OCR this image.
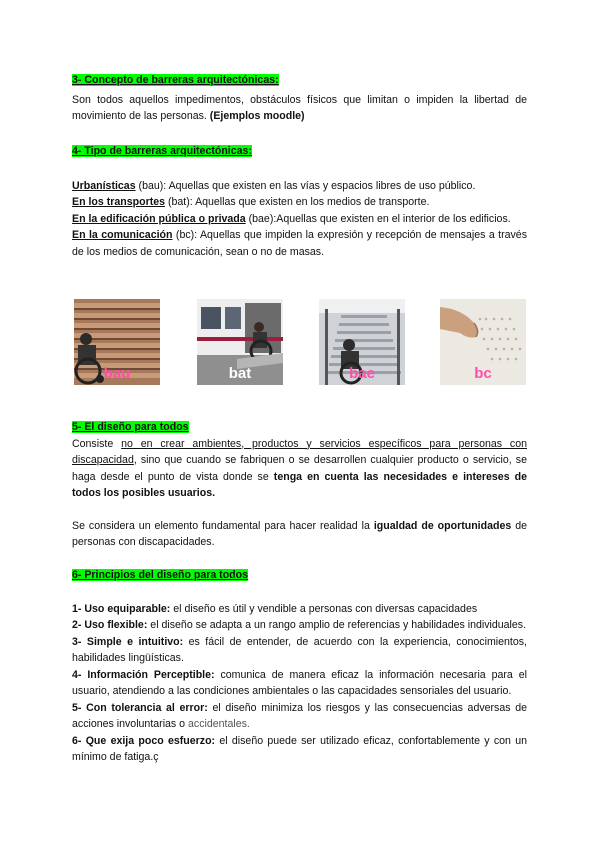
3- Concepto de barreras arquitectónicas:

Son todos aquellos impedimentos, obstáculos físicos que limitan o impiden la libertad de movimiento de las personas. (Ejemplos moodle)

4- Tipo de barreras arquitectónicas:

Urbanísticas (bau): Aquellas que existen en las vías y espacios libres de uso público.

En los transportes (bat): Aquellas que existen en los medios de transporte.

En la edificación pública o privada (bae):Aquellas que existen en el interior de los edificios.

En la comunicación (bc): Aquellas que impiden la expresión y recepción de mensajes a través de los medios de comunicación, sean o no de masas.

5- El diseño para todos

Consiste no en crear ambientes, productos y servicios específicos para personas con discapacidad, sino que cuando se fabriquen o se desarrollen cualquier producto o servicio, se haga desde el punto de vista donde se tenga en cuenta las necesidades e intereses de todos los posibles usuarios.

Se considera un elemento fundamental para hacer realidad la igualdad de oportunidades de personas con discapacidades.

6- Principios del diseño para todos

1- Uso equiparable: el diseño es útil y vendible a personas con diversas capacidades

2- Uso flexible: el diseño se adapta a un rango amplio de referencias y habilidades individuales.

3- Simple e intuitivo: es fácil de entender, de acuerdo con la experiencia, conocimientos, habilidades lingüísticas.

4- Información Perceptible: comunica de manera eficaz la información necesaria para el usuario, atendiendo a las condiciones ambientales o las capacidades sensoriales del usuario.

5- Con tolerancia al error: el diseño minimiza los riesgos y las consecuencias adversas de acciones involuntarias o accidentales.

6- Que exija poco esfuerzo: el diseño puede ser utilizado eficaz, confortablemente y con un mínimo de fatiga.ç

bau	bat	bae	bc
